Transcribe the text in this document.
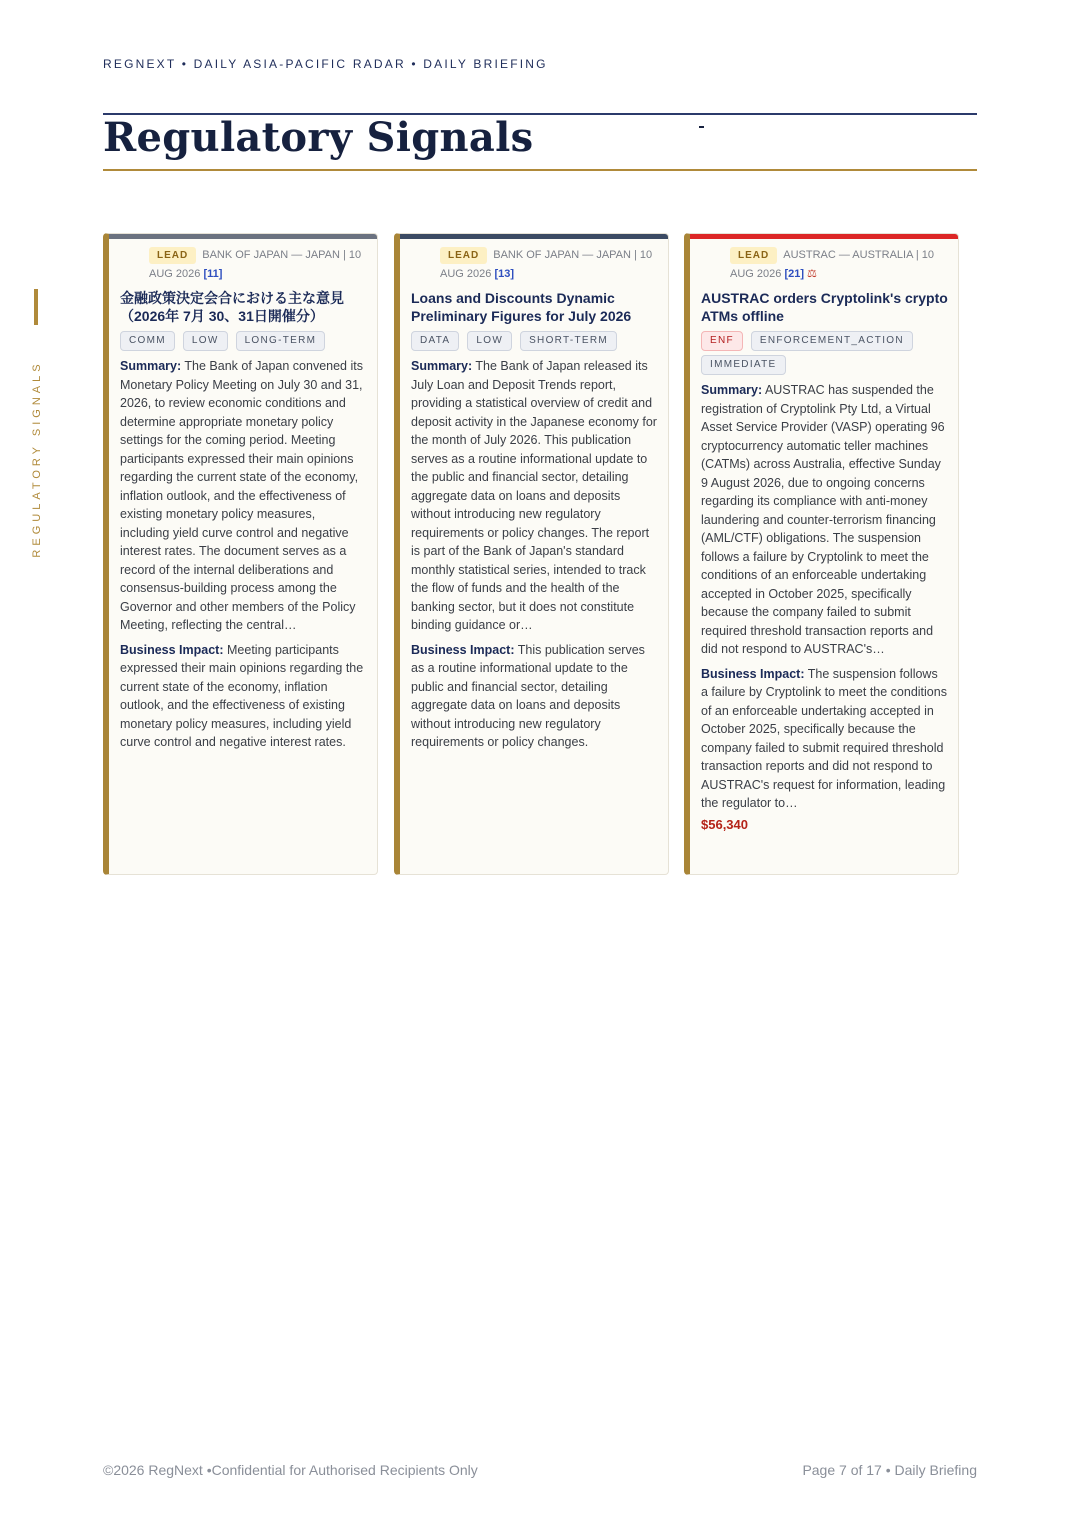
REGNEXT • DAILY ASIA-PACIFIC RADAR • DAILY BRIEFING
Regulatory Signals
REGULATORY SIGNALS
LEAD BANK OF JAPAN — JAPAN | 10 AUG 2026 [11]
金融政策決定会合における主な意見（2026年 7月 30、31日開催分）
COMM	LOW	LONG-TERM

Summary: The Bank of Japan convened its Monetary Policy Meeting on July 30 and 31, 2026, to review economic conditions and determine appropriate monetary policy settings for the coming period. Meeting participants expressed their main opinions regarding the current state of the economy, inflation outlook, and the effectiveness of existing monetary policy measures, including yield curve control and negative interest rates. The document serves as a record of the internal deliberations and consensus-building process among the Governor and other members of the Policy Meeting, reflecting the central…

Business Impact: Meeting participants expressed their main opinions regarding the current state of the economy, inflation outlook, and the effectiveness of existing monetary policy measures, including yield curve control and negative interest rates.

LEAD BANK OF JAPAN — JAPAN | 10 AUG 2026 [13]
Loans and Discounts Dynamic Preliminary Figures for July 2026
DATA	LOW	SHORT-TERM

Summary: The Bank of Japan released its July Loan and Deposit Trends report, providing a statistical overview of credit and deposit activity in the Japanese economy for the month of July 2026. This publication serves as a routine informational update to the public and financial sector, detailing aggregate data on loans and deposits without introducing new regulatory requirements or policy changes. The report is part of the Bank of Japan's standard monthly statistical series, intended to track the flow of funds and the health of the banking sector, but it does not constitute binding guidance or…

Business Impact: This publication serves as a routine informational update to the public and financial sector, detailing aggregate data on loans and deposits without introducing new regulatory requirements or policy changes.

LEAD AUSTRAC — AUSTRALIA | 10 AUG 2026 [21] ⚖
AUSTRAC orders Cryptolink's crypto ATMs offline
ENF	ENFORCEMENT_ACTION
IMMEDIATE

Summary: AUSTRAC has suspended the registration of Cryptolink Pty Ltd, a Virtual Asset Service Provider (VASP) operating 96 cryptocurrency automatic teller machines (CATMs) across Australia, effective Sunday 9 August 2026, due to ongoing concerns regarding its compliance with anti-money laundering and counter-terrorism financing (AML/CTF) obligations. The suspension follows a failure by Cryptolink to meet the conditions of an enforceable undertaking accepted in October 2025, specifically because the company failed to submit required threshold transaction reports and did not respond to AUSTRAC's…

Business Impact: The suspension follows a failure by Cryptolink to meet the conditions of an enforceable undertaking accepted in October 2025, specifically because the company failed to submit required threshold transaction reports and did not respond to AUSTRAC's request for information, leading the regulator to…

$56,340
©2026 RegNext •Confidential for Authorised Recipients Only	Page 7 of 17 • Daily Briefing
